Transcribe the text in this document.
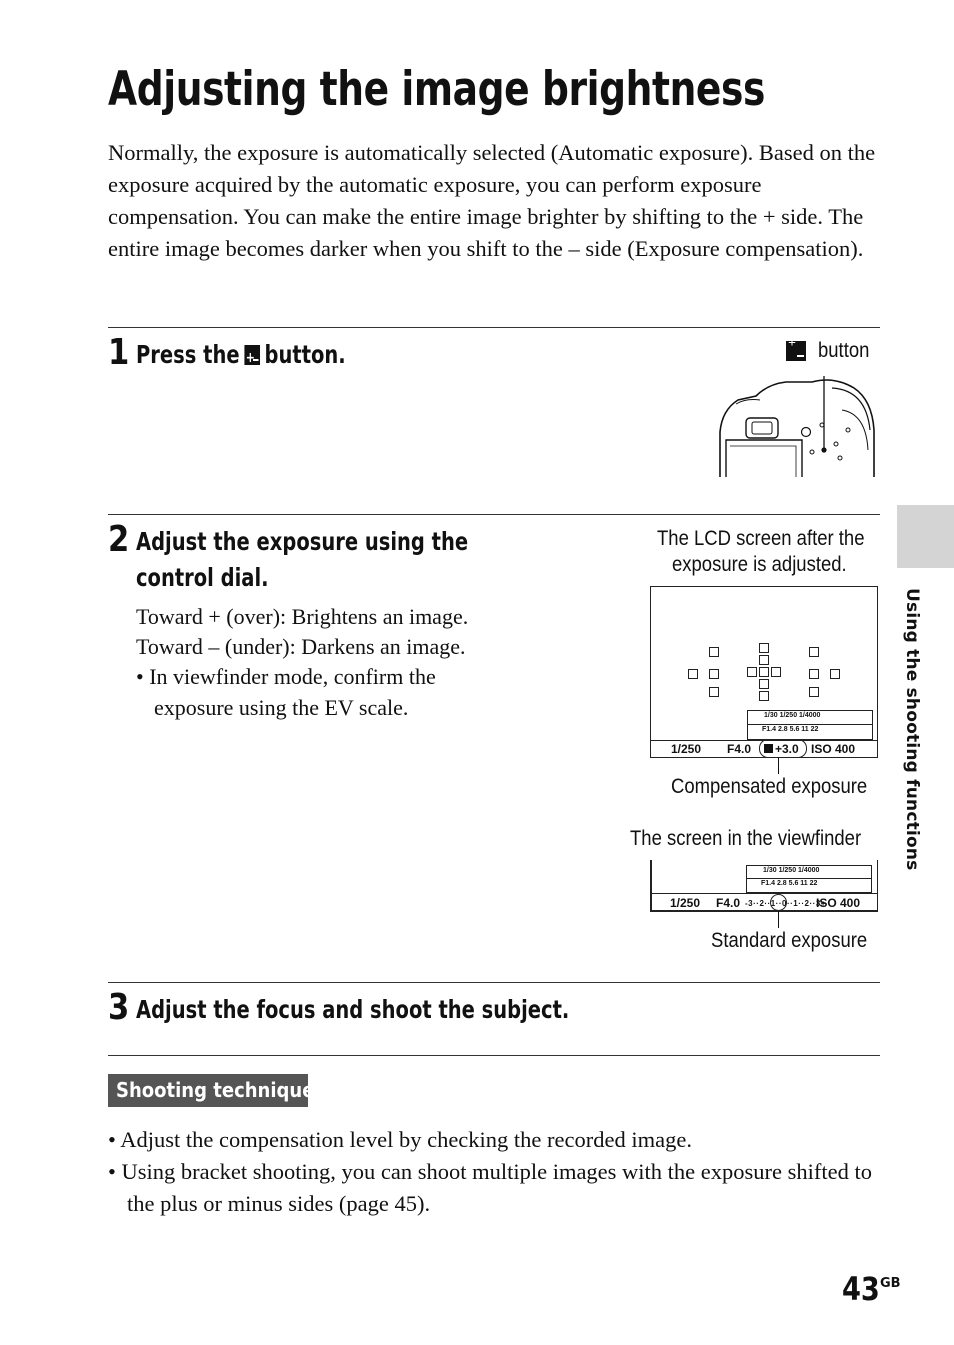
Adjusting the image brightness

Normally, the exposure is automatically selected (Automatic exposure). Based on the exposure acquired by the automatic exposure, you can perform exposure compensation. You can make the entire image brighter by shifting to the + side. The entire image becomes darker when you shift to the – side (Exposure compensation).

1 Press the + button. +	button
2 Adjust the exposure using the
control dial.
Toward + (over): Brightens an image.
Toward – (under): Darkens an image.
• In viewfinder mode, confirm the
exposure using the EV scale.
The LCD screen after the
exposure is adjusted.
1/30 1/250 1/4000
F1.4 2.8 5.6 11 22
1/250 F4.0 +3.0 ISO 400
Compensated exposure
The screen in the viewfinder
1/30 1/250 1/4000
F1.4 2.8 5.6 11 22
1/250 F4.0 -3··2··1··0··1··2··3+
ISO 400
Standard exposure
3 Adjust the focus and shoot the subject.
Using the shooting functions
Shooting techniques
• Adjust the compensation level by checking the recorded image.
• Using bracket shooting, you can shoot multiple images with the exposure shifted to the plus or minus sides (page 45).
43 GB
